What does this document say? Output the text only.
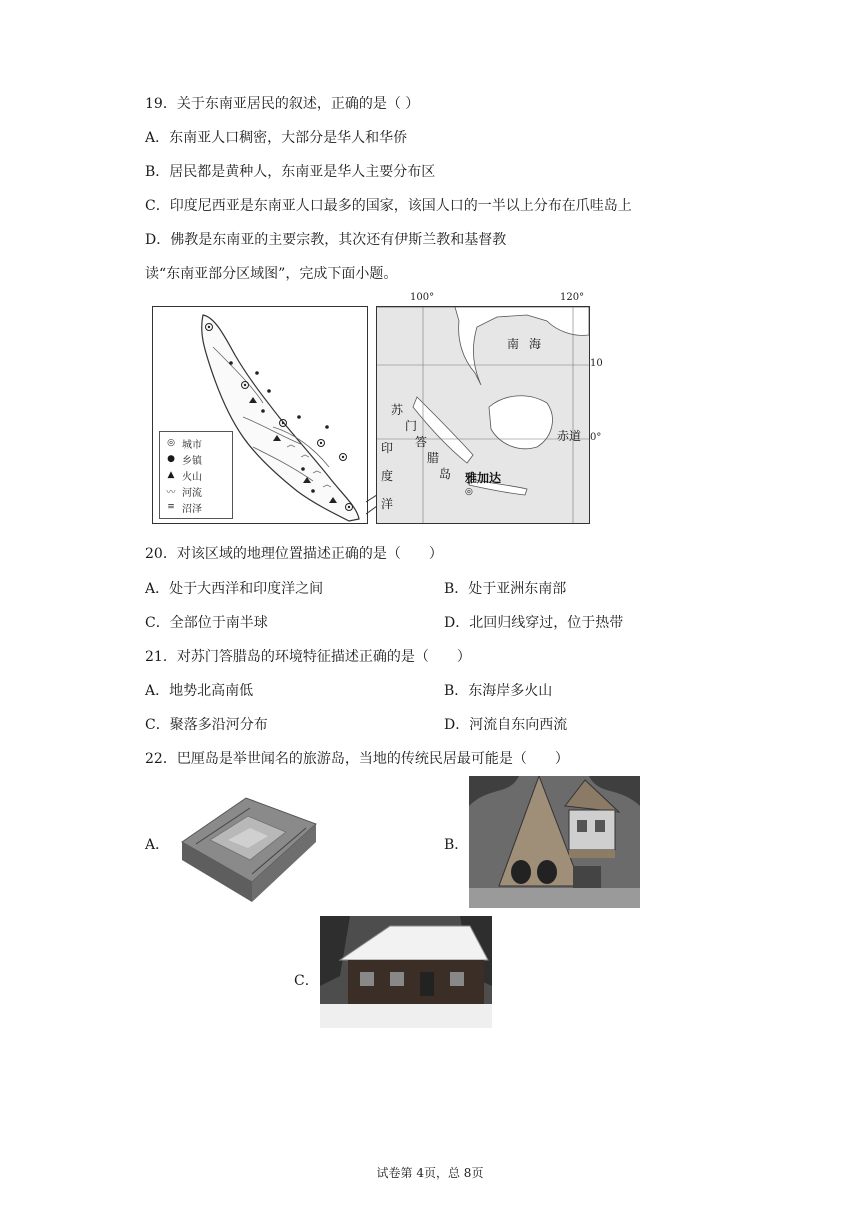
19．关于东南亚居民的叙述，正确的是（ ）
A．东南亚人口稠密，大部分是华人和华侨
B．居民都是黄种人，东南亚是华人主要分布区
C．印度尼西亚是东南亚人口最多的国家，该国人口的一半以上分布在爪哇岛上
D．佛教是东南亚的主要宗教，其次还有伊斯兰教和基督教
读“东南亚部分区域图”，完成下面小题。
◎ 城市
● 乡镇
▲ 火山
〰 河流
≡ 沼泽
南海
赤道
苏
门
答
腊
岛
印
度
洋
雅加达
◎
100°	120°
10
0°
20．对该区域的地理位置描述正确的是（　　）
A．处于大西洋和印度洋之间	B．处于亚洲东南部
C．全部位于南半球	D．北回归线穿过，位于热带
21．对苏门答腊岛的环境特征描述正确的是（　　）
A．地势北高南低	B．东海岸多火山
C．聚落多沿河分布	D．河流自东向西流
22．巴厘岛是举世闻名的旅游岛，当地的传统民居最可能是（　　）
A．	B．
C．
试卷第 4页，总 8页
